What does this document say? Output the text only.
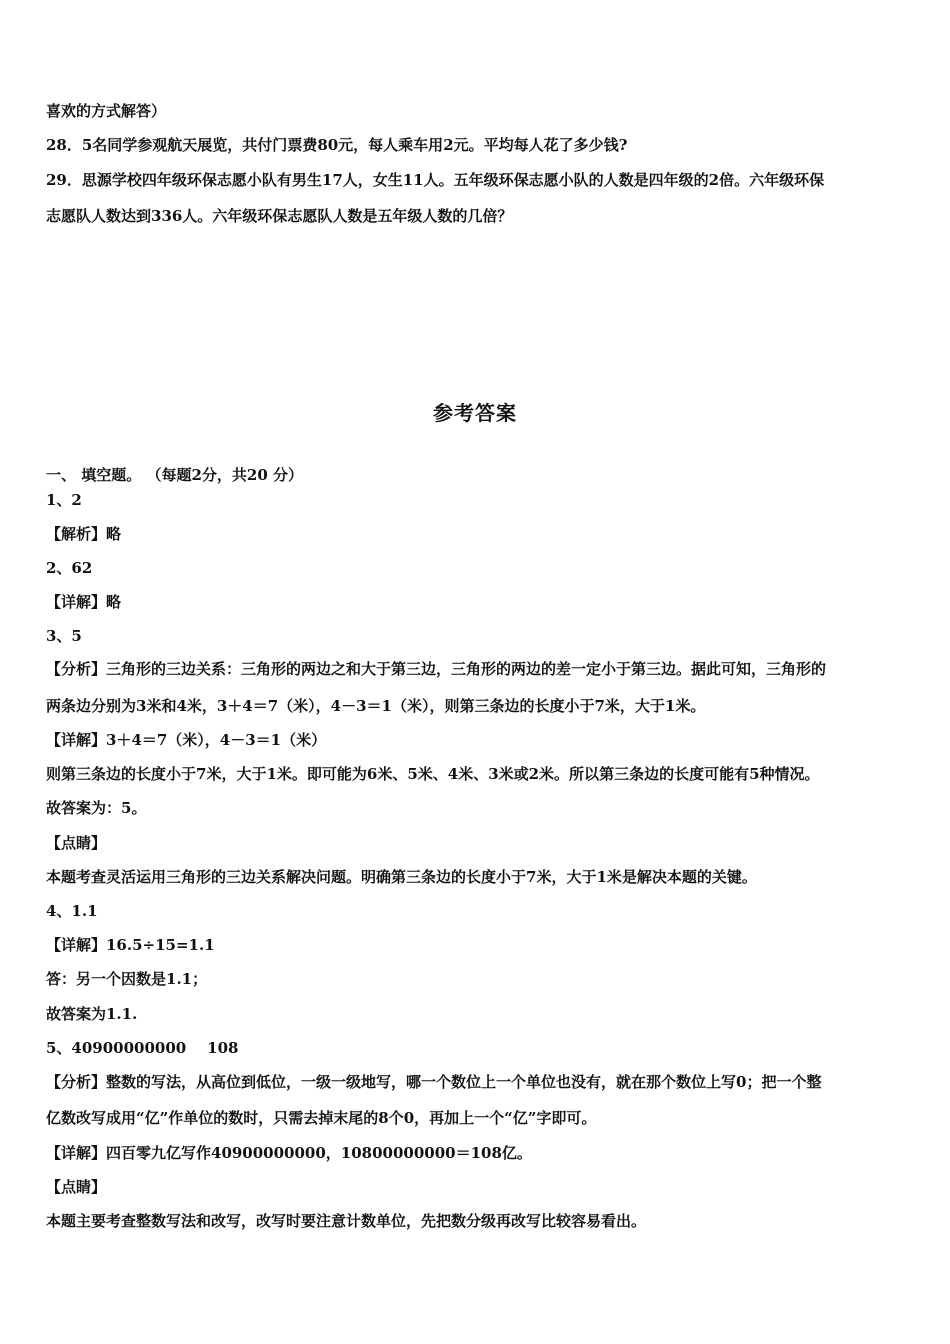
喜欢的方式解答）
28．5名同学参观航天展览，共付门票费80元，每人乘车用2元。平均每人花了多少钱?
29．思源学校四年级环保志愿小队有男生17人，女生11人。五年级环保志愿小队的人数是四年级的2倍。六年级环保
志愿队人数达到336人。六年级环保志愿队人数是五年级人数的几倍？
参考答案
一、 填空题。 （每题2分，共20 分）
1、2
【解析】略
2、62
【详解】略
3、5
【分析】三角形的三边关系：三角形的两边之和大于第三边，三角形的两边的差一定小于第三边。据此可知，三角形的
两条边分别为3米和4米，3＋4＝7（米），4－3＝1（米），则第三条边的长度小于7米，大于1米。
【详解】3＋4＝7（米），4－3＝1（米）
则第三条边的长度小于7米，大于1米。即可能为6米、5米、4米、3米或2米。所以第三条边的长度可能有5种情况。
故答案为：5。
【点睛】
本题考查灵活运用三角形的三边关系解决问题。明确第三条边的长度小于7米，大于1米是解决本题的关键。
4、1.1
【详解】16.5÷15=1.1
答：另一个因数是1.1；
故答案为1.1.
5、40900000000    108
【分析】整数的写法，从高位到低位，一级一级地写，哪一个数位上一个单位也没有，就在那个数位上写0；把一个整
亿数改写成用“亿”作单位的数时，只需去掉末尾的8个0，再加上一个“亿”字即可。
【详解】四百零九亿写作40900000000，10800000000＝108亿。
【点睛】
本题主要考查整数写法和改写，改写时要注意计数单位，先把数分级再改写比较容易看出。
